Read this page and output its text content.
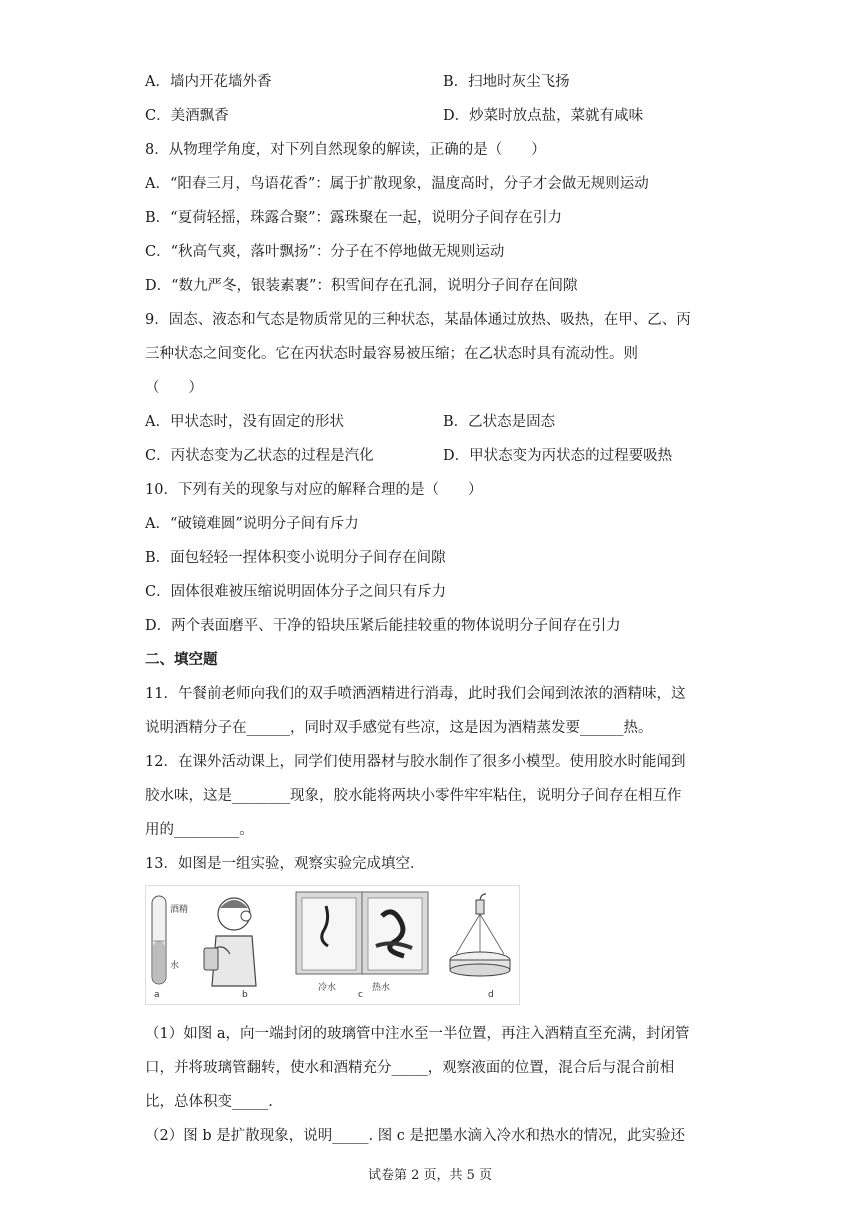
A．墙内开花墙外香	B．扫地时灰尘飞扬
C．美酒飘香	D．炒菜时放点盐，菜就有咸味
8．从物理学角度，对下列自然现象的解读，正确的是（　　）
A．“阳春三月，鸟语花香”：属于扩散现象，温度高时，分子才会做无规则运动
B．“夏荷轻摇，珠露合聚”：露珠聚在一起，说明分子间存在引力
C．“秋高气爽，落叶飘扬”：分子在不停地做无规则运动
D．“数九严冬，银装素裹”：积雪间存在孔洞，说明分子间存在间隙
9．固态、液态和气态是物质常见的三种状态，某晶体通过放热、吸热，在甲、乙、丙
三种状态之间变化。它在丙状态时最容易被压缩；在乙状态时具有流动性。则
（　　）
A．甲状态时，没有固定的形状	B．乙状态是固态
C．丙状态变为乙状态的过程是汽化	D．甲状态变为丙状态的过程要吸热
10．下列有关的现象与对应的解释合理的是（　　）
A．“破镜难圆”说明分子间有斥力
B．面包轻轻一捏体积变小说明分子间存在间隙
C．固体很难被压缩说明固体分子之间只有斥力
D．两个表面磨平、干净的铅块压紧后能挂较重的物体说明分子间存在引力
二、填空题
11．午餐前老师向我们的双手喷洒酒精进行消毒，此时我们会闻到浓浓的酒精味，这
说明酒精分子在______，同时双手感觉有些凉，这是因为酒精蒸发要______热。
12．在课外活动课上，同学们使用器材与胶水制作了很多小模型。使用胶水时能闻到
胶水味，这是________现象，胶水能将两块小零件牢牢粘住，说明分子间存在相互作
用的_________。
13．如图是一组实验，观察实验完成填空．
酒精
水
冷水	热水
a	b	c	d
（1）如图 a，向一端封闭的玻璃管中注水至一半位置，再注入酒精直至充满，封闭管
口，并将玻璃管翻转，使水和酒精充分_____，观察液面的位置，混合后与混合前相
比，总体积变_____.
（2）图 b 是扩散现象，说明_____. 图 c 是把墨水滴入冷水和热水的情况，此实验还
试卷第 2 页，共 5 页
